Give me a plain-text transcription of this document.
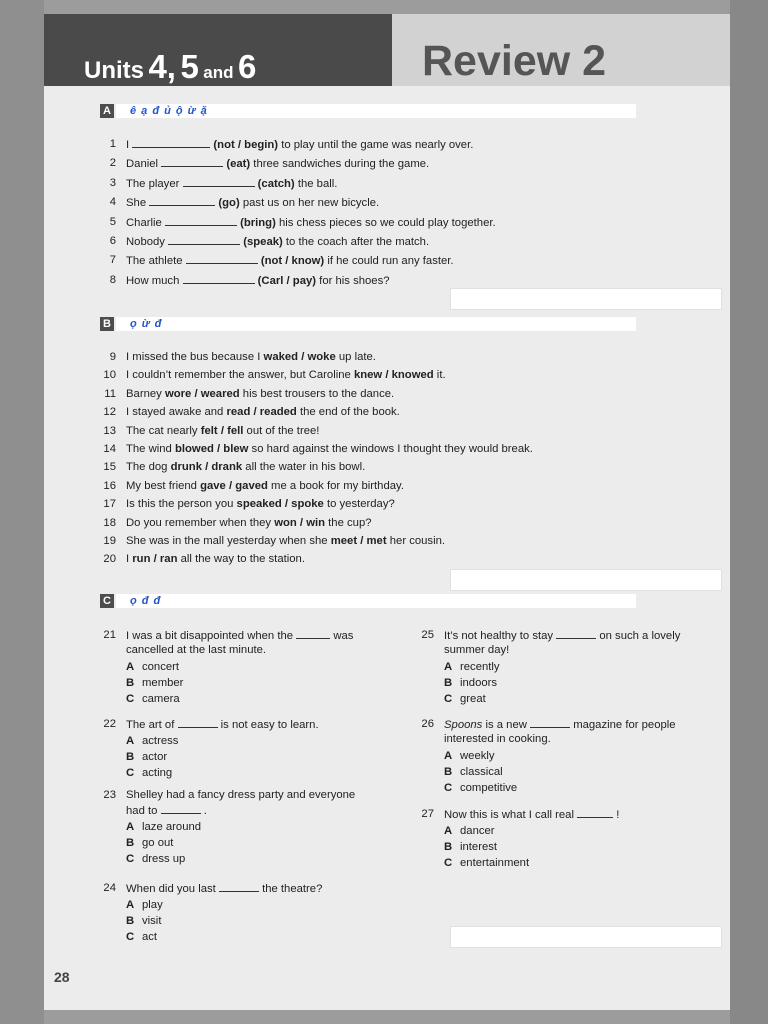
Units 4, 5 and 6	Review 2
A ê ạ đ ủ ộ ừ ặ
1 I	(not / begin) to play until the game was nearly over.
2 Daniel	(eat) three sandwiches during the game.
3 The player	(catch) the ball.
4 She	(go) past us on her new bicycle.
5 Charlie	(bring) his chess pieces so we could play together.
6 Nobody	(speak) to the coach after the match.
7 The athlete	(not / know) if he could run any faster.
8 How much	(Carl / pay) for his shoes?
B ọ ừ đ
9 I missed the bus because I waked / woke up late.
10 I couldn’t remember the answer, but Caroline knew / knowed it.
11 Barney wore / weared his best trousers to the dance.
12 I stayed awake and read / readed the end of the book.
13 The cat nearly felt / fell out of the tree!
14 The wind blowed / blew so hard against the windows I thought they would break.
15 The dog drunk / drank all the water in his bowl.
16 My best friend gave / gaved me a book for my birthday.
17 Is this the person you speaked / spoke to yesterday?
18 Do you remember when they won / win the cup?
19 She was in the mall yesterday when she meet / met her cousin.
20 I run / ran all the way to the station.
C ọ đ đ
21 I was a bit disappointed when the	was
cancelled at the last minute.
A concert
B member
C camera
22 The art of	is not easy to learn.
A actress
B actor
C acting
23 Shelley had a fancy dress party and everyone
had to	.
A laze around
B go out
C dress up
24 When did you last	the theatre?
A play
B visit
C act
25 It’s not healthy to stay	on such a lovely
summer day!
A recently
B indoors
C great
26 Spoons is a new	magazine for people
interested in cooking.
A weekly
B classical
C competitive
27 Now this is what I call real	!
A dancer
B interest
C entertainment
28
